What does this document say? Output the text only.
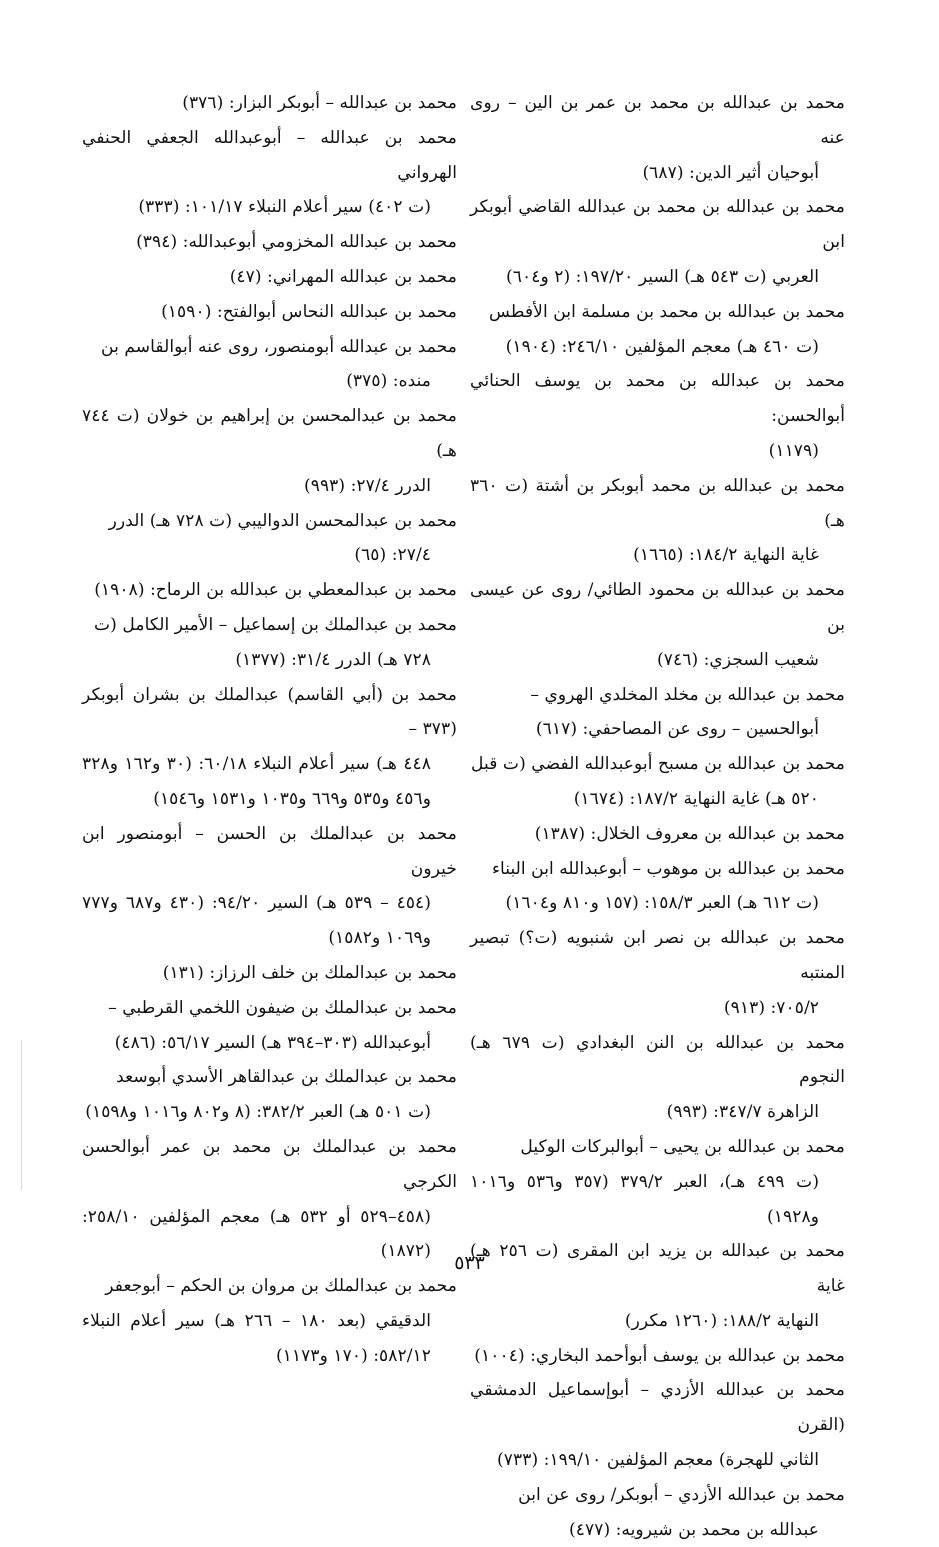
محمد بن عبدالله بن محمد بن عمر بن الين – روى عنه
أبوحيان أثير الدين: (٦٨٧)
محمد بن عبدالله بن محمد بن عبدالله القاضي أبوبكر ابن
العربي (ت ٥٤٣ هـ) السير ١٩٧/٢٠: (٢ و٦٠٤)
محمد بن عبدالله بن محمد بن مسلمة ابن الأفطس
(ت ٤٦٠ هـ) معجم المؤلفين ٢٤٦/١٠: (١٩٠٤)
محمد بن عبدالله بن محمد بن يوسف الحنائي أبوالحسن:
(١١٧٩)
محمد بن عبدالله بن محمد أبوبكر بن أشتة (ت ٣٦٠ هـ)
غاية النهاية ١٨٤/٢: (١٦٦٥)
محمد بن عبدالله بن محمود الطائي/ روى عن عيسى بن
شعيب السجزي: (٧٤٦)
محمد بن عبدالله بن مخلد المخلدي الهروي –
أبوالحسين – روى عن المصاحفي: (٦١٧)
محمد بن عبدالله بن مسبح أبوعبدالله الفضي (ت قبل
٥٢٠ هـ) غاية النهاية ١٨٧/٢: (١٦٧٤)
محمد بن عبدالله بن معروف الخلال: (١٣٨٧)
محمد بن عبدالله بن موهوب – أبوعبدالله ابن البناء
(ت ٦١٢ هـ) العبر ١٥٨/٣: (١٥٧ و٨١٠ و١٦٠٤)
محمد بن عبدالله بن نصر ابن شنبويه (ت؟) تبصير المنتبه
٧٠٥/٢: (٩١٣)
محمد بن عبدالله بن النن البغدادي (ت ٦٧٩ هـ) النجوم
الزاهرة ٣٤٧/٧: (٩٩٣)
محمد بن عبدالله بن يحيى – أبوالبركات الوكيل
(ت ٤٩٩ هـ)، العبر ٣٧٩/٢ (٣٥٧ و٥٣٦ و١٠١٦ و١٩٢٨)
محمد بن عبدالله بن يزيد ابن المقرى (ت ٢٥٦ هـ) غاية
النهاية ١٨٨/٢: (١٢٦٠ مكرر)
محمد بن عبدالله بن يوسف أبوأحمد البخاري: (١٠٠٤)
محمد بن عبدالله الأزدي – أبوإسماعيل الدمشقي (القرن
الثاني للهجرة) معجم المؤلفين ١٩٩/١٠: (٧٣٣)
محمد بن عبدالله الأزدي – أبوبكر/ روى عن ابن
عبدالله بن محمد بن شيرويه: (٤٧٧)
محمد بن عبدالله – أبوبكر البزار: (٣٧٦)
محمد بن عبدالله – أبوعبدالله الجعفي الحنفي الهرواني
(ت ٤٠٢) سير أعلام النبلاء ١٠١/١٧: (٣٣٣)
محمد بن عبدالله المخزومي أبوعبدالله: (٣٩٤)
محمد بن عبدالله المهراني: (٤٧)
محمد بن عبدالله النحاس أبوالفتح: (١٥٩٠)
محمد بن عبدالله أبومنصور، روى عنه أبوالقاسم بن
منده: (٣٧٥)
محمد بن عبدالمحسن بن إبراهيم بن خولان (ت ٧٤٤ هـ)
الدرر ٢٧/٤: (٩٩٣)
محمد بن عبدالمحسن الدواليبي (ت ٧٢٨ هـ) الدرر
٢٧/٤: (٦٥)
محمد بن عبدالمعطي بن عبدالله بن الرماح: (١٩٠٨)
محمد بن عبدالملك بن إسماعيل – الأمير الكامل (ت
٧٢٨ هـ) الدرر ٣١/٤: (١٣٧٧)
محمد بن (أبي القاسم) عبدالملك بن بشران أبوبكر (٣٧٣ –
٤٤٨ هـ) سير أعلام النبلاء ٦٠/١٨: (٣٠ و١٦٢ و٣٢٨ و٤٥٦ و٥٣٥ و٦٦٩ و١٠٣٥ و١٥٣١ و١٥٤٦)
محمد بن عبدالملك بن الحسن – أبومنصور ابن خيرون
(٤٥٤ – ٥٣٩ هـ) السير ٩٤/٢٠: (٤٣٠ و٦٨٧ و٧٧٧ و١٠٦٩ و١٥٨٢)
محمد بن عبدالملك بن خلف الرزاز: (١٣١)
محمد بن عبدالملك بن ضيفون اللخمي القرطبي –
أبوعبدالله (٣٠٣–٣٩٤ هـ) السير ٥٦/١٧: (٤٨٦)
محمد بن عبدالملك بن عبدالقاهر الأسدي أبوسعد
(ت ٥٠١ هـ) العبر ٣٨٢/٢: (٨ و٨٠٢ و١٠١٦ و١٥٩٨)
محمد بن عبدالملك بن محمد بن عمر أبوالحسن الكرجي
(٤٥٨–٥٢٩ أو ٥٣٢ هـ) معجم المؤلفين ٢٥٨/١٠: (١٨٧٢)
محمد بن عبدالملك بن مروان بن الحكم – أبوجعفر
الدقيقي (بعد ١٨٠ – ٢٦٦ هـ) سير أعلام النبلاء ٥٨٢/١٢: (١٧٠ و١١٧٣)
٥٣٣
